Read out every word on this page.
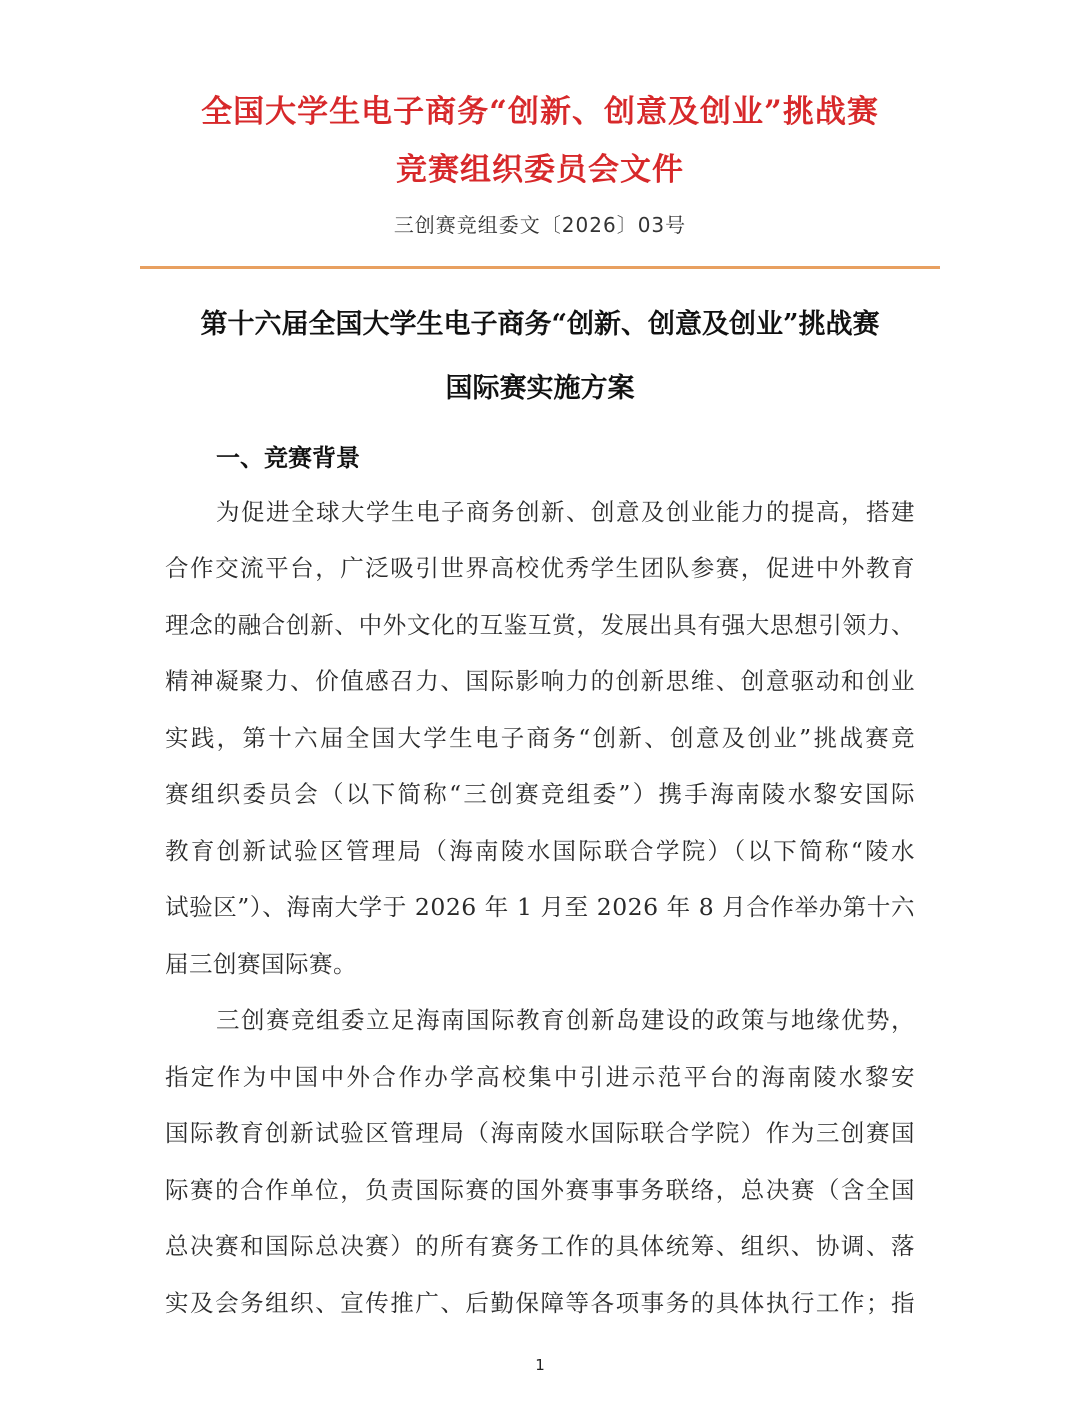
全国大学生电子商务“创新、创意及创业”挑战赛
竞赛组织委员会文件
三创赛竞组委文〔2026〕03号
第十六届全国大学生电子商务“创新、创意及创业”挑战赛
国际赛实施方案
一、竞赛背景
为促进全球大学生电子商务创新、创意及创业能力的提高，搭建
合作交流平台，广泛吸引世界高校优秀学生团队参赛，促进中外教育
理念的融合创新、中外文化的互鉴互赏，发展出具有强大思想引领力、
精神凝聚力、价值感召力、国际影响力的创新思维、创意驱动和创业
实践，第十六届全国大学生电子商务“创新、创意及创业”挑战赛竞
赛组织委员会（以下简称“三创赛竞组委”）携手海南陵水黎安国际
教育创新试验区管理局（海南陵水国际联合学院）（以下简称“陵水
试验区”）、海南大学于 2026 年 1 月至 2026 年 8 月合作举办第十六
届三创赛国际赛。
三创赛竞组委立足海南国际教育创新岛建设的政策与地缘优势，
指定作为中国中外合作办学高校集中引进示范平台的海南陵水黎安
国际教育创新试验区管理局（海南陵水国际联合学院）作为三创赛国
际赛的合作单位，负责国际赛的国外赛事事务联络，总决赛（含全国
总决赛和国际总决赛）的所有赛务工作的具体统筹、组织、协调、落
实及会务组织、宣传推广、后勤保障等各项事务的具体执行工作；指
1
